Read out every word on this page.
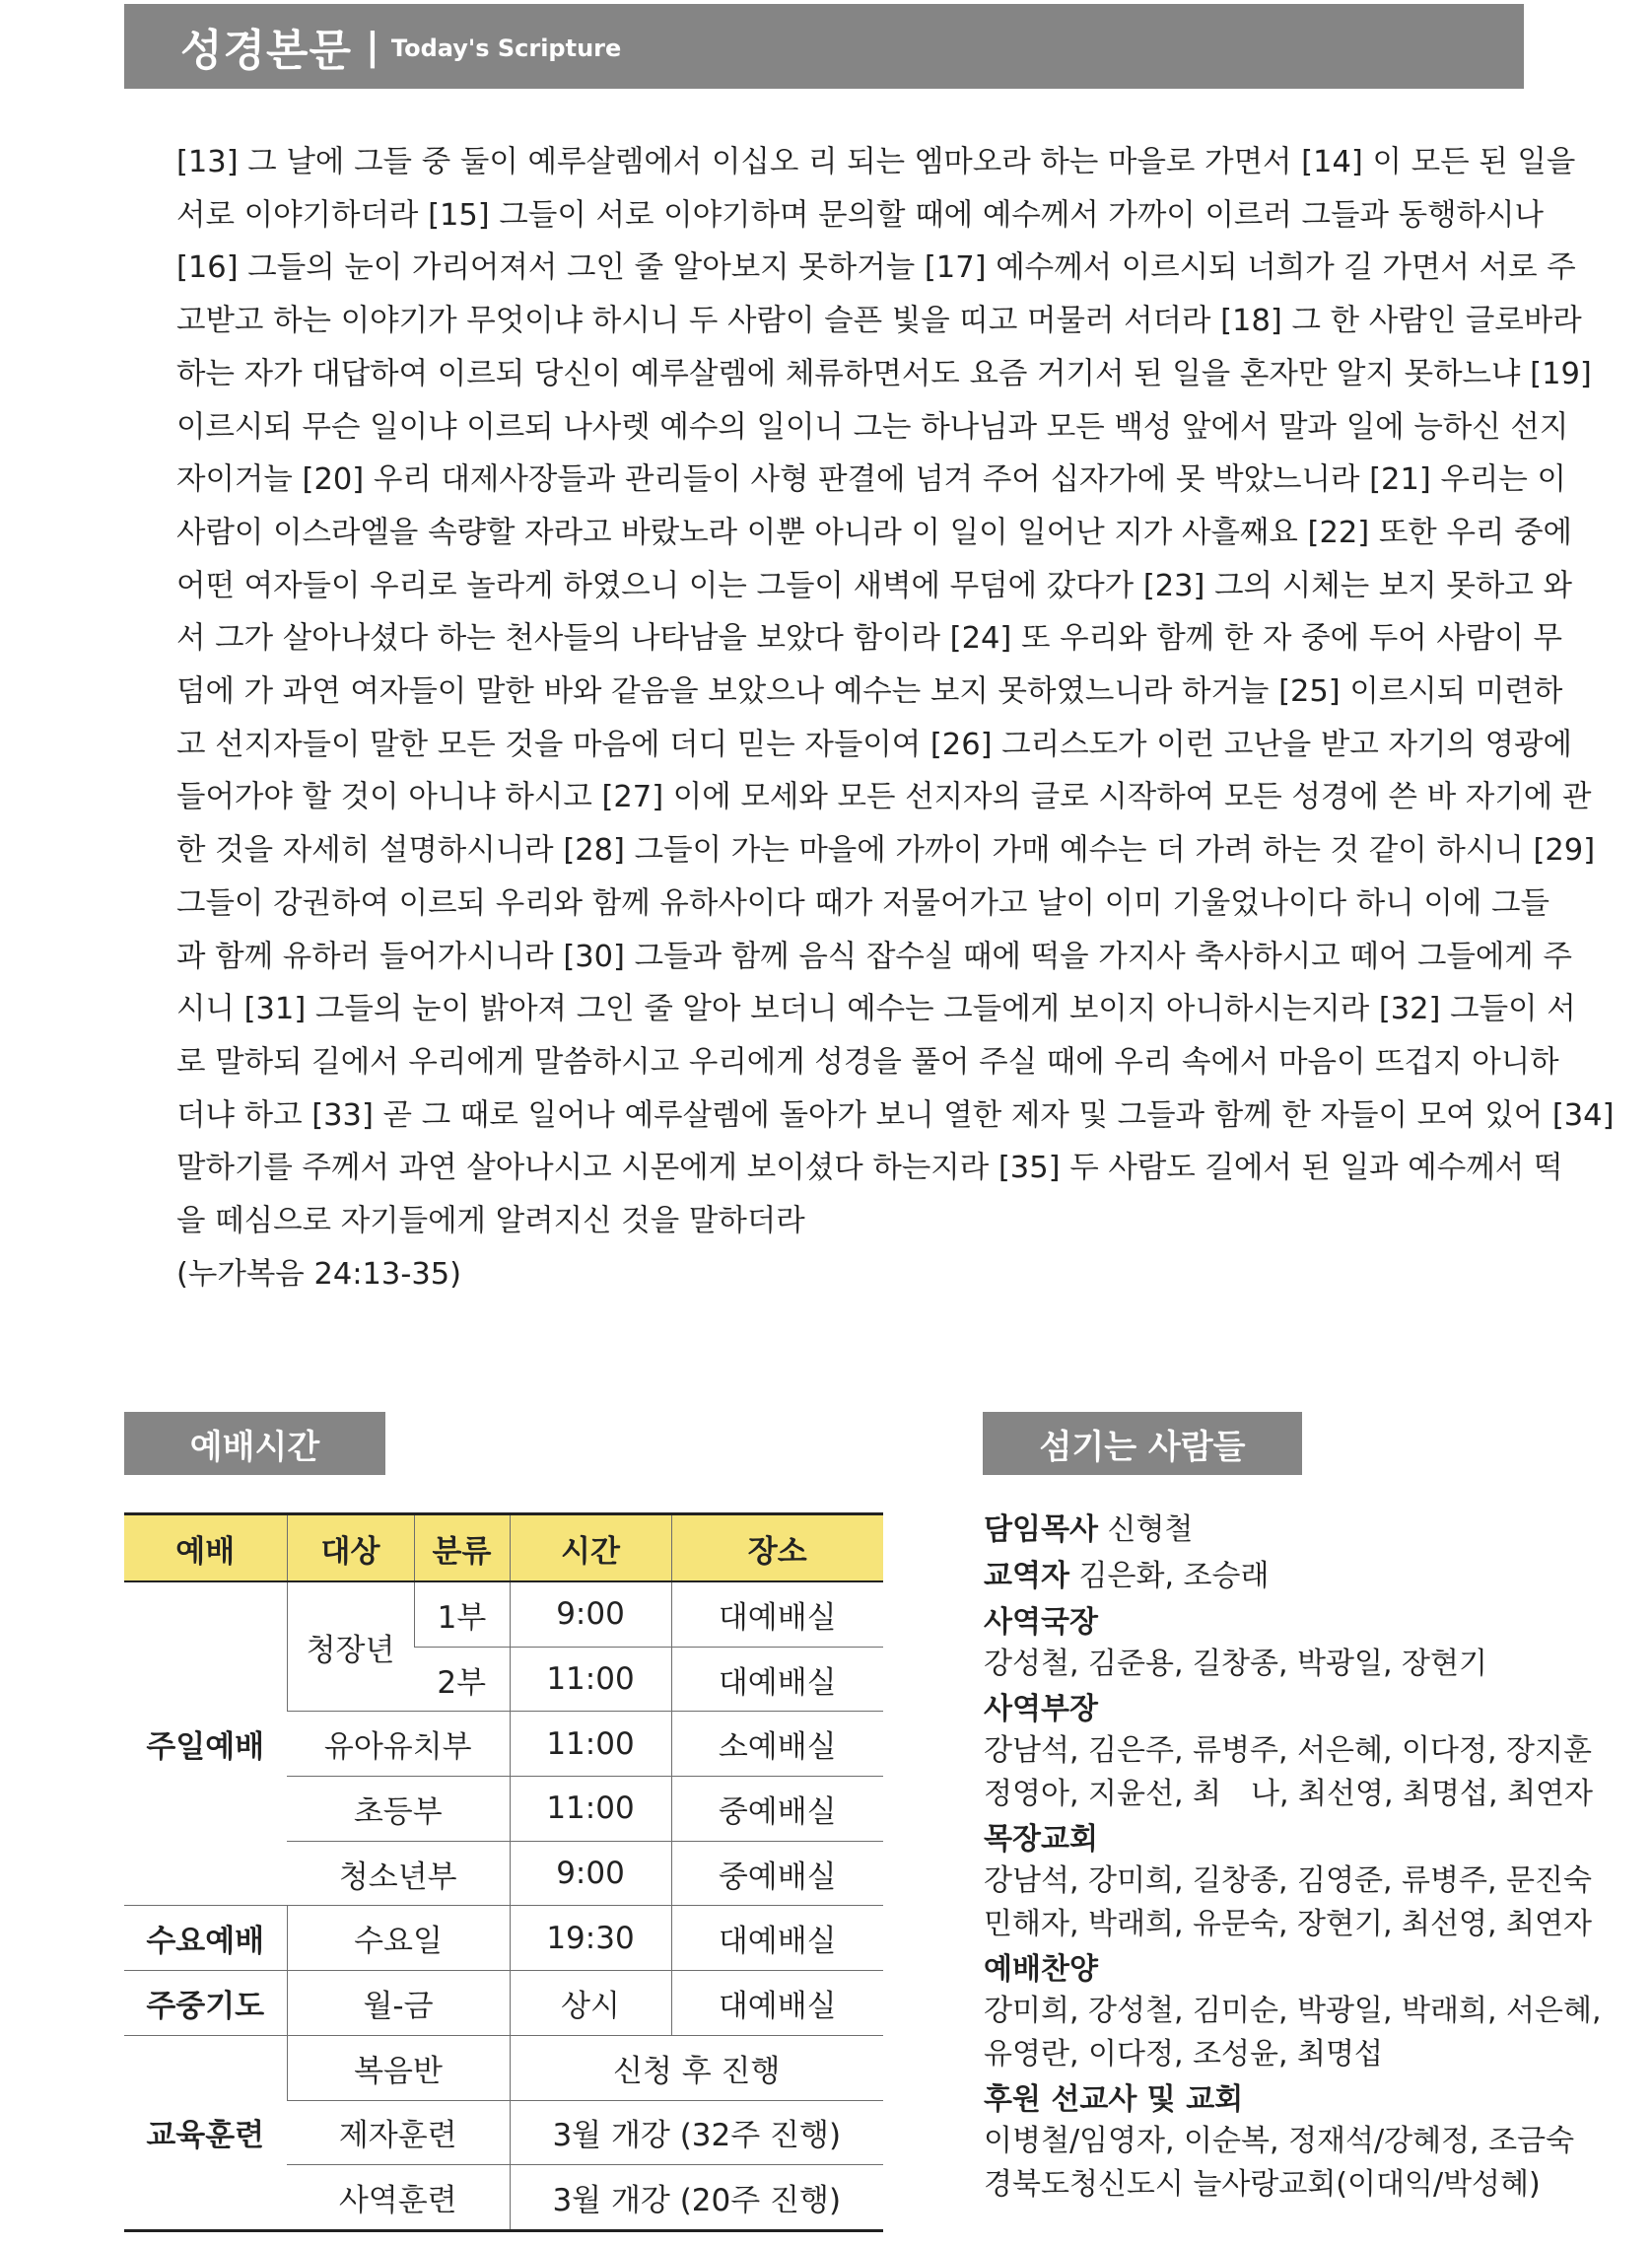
성경본문 | Today's Scripture
[13] 그 날에 그들 중 둘이 예루살렘에서 이십오 리 되는 엠마오라 하는 마을로 가면서 [14] 이 모든 된 일을
서로 이야기하더라 [15] 그들이 서로 이야기하며 문의할 때에 예수께서 가까이 이르러 그들과 동행하시나
[16] 그들의 눈이 가리어져서 그인 줄 알아보지 못하거늘 [17] 예수께서 이르시되 너희가 길 가면서 서로 주
고받고 하는 이야기가 무엇이냐 하시니 두 사람이 슬픈 빛을 띠고 머물러 서더라 [18] 그 한 사람인 글로바라
하는 자가 대답하여 이르되 당신이 예루살렘에 체류하면서도 요즘 거기서 된 일을 혼자만 알지 못하느냐 [19]
이르시되 무슨 일이냐 이르되 나사렛 예수의 일이니 그는 하나님과 모든 백성 앞에서 말과 일에 능하신 선지
자이거늘 [20] 우리 대제사장들과 관리들이 사형 판결에 넘겨 주어 십자가에 못 박았느니라 [21] 우리는 이
사람이 이스라엘을 속량할 자라고 바랐노라 이뿐 아니라 이 일이 일어난 지가 사흘째요 [22] 또한 우리 중에
어떤 여자들이 우리로 놀라게 하였으니 이는 그들이 새벽에 무덤에 갔다가 [23] 그의 시체는 보지 못하고 와
서 그가 살아나셨다 하는 천사들의 나타남을 보았다 함이라 [24] 또 우리와 함께 한 자 중에 두어 사람이 무
덤에 가 과연 여자들이 말한 바와 같음을 보았으나 예수는 보지 못하였느니라 하거늘 [25] 이르시되 미련하
고 선지자들이 말한 모든 것을 마음에 더디 믿는 자들이여 [26] 그리스도가 이런 고난을 받고 자기의 영광에
들어가야 할 것이 아니냐 하시고 [27] 이에 모세와 모든 선지자의 글로 시작하여 모든 성경에 쓴 바 자기에 관
한 것을 자세히 설명하시니라 [28] 그들이 가는 마을에 가까이 가매 예수는 더 가려 하는 것 같이 하시니 [29]
그들이 강권하여 이르되 우리와 함께 유하사이다 때가 저물어가고 날이 이미 기울었나이다 하니 이에 그들
과 함께 유하러 들어가시니라 [30] 그들과 함께 음식 잡수실 때에 떡을 가지사 축사하시고 떼어 그들에게 주
시니 [31] 그들의 눈이 밝아져 그인 줄 알아 보더니 예수는 그들에게 보이지 아니하시는지라 [32] 그들이 서
로 말하되 길에서 우리에게 말씀하시고 우리에게 성경을 풀어 주실 때에 우리 속에서 마음이 뜨겁지 아니하
더냐 하고 [33] 곧 그 때로 일어나 예루살렘에 돌아가 보니 열한 제자 및 그들과 함께 한 자들이 모여 있어 [34]
말하기를 주께서 과연 살아나시고 시몬에게 보이셨다 하는지라 [35] 두 사람도 길에서 된 일과 예수께서 떡
을 떼심으로 자기들에게 알려지신 것을 말하더라
(누가복음 24:13-35)
예배시간	섬기는 사람들
예배	대상	분류	시간	장소
주일예배	청장년	1부	9:00	대예배실
		2부	11:00	대예배실
	유아유치부		11:00	소예배실
	초등부		11:00	중예배실
	청소년부		9:00	중예배실
수요예배	수요일		19:30	대예배실
주중기도	월-금		상시	대예배실
교육훈련	복음반		신청 후 진행	
	제자훈련		3월 개강 (32주 진행)	
	사역훈련		3월 개강 (20주 진행)	
담임목사 신형철
교역자 김은화, 조승래
사역국장
강성철, 김준용, 길창종, 박광일, 장현기
사역부장
강남석, 김은주, 류병주, 서은혜, 이다정, 장지훈
정영아, 지윤선, 최　나, 최선영, 최명섭, 최연자
목장교회
강남석, 강미희, 길창종, 김영준, 류병주, 문진숙
민해자, 박래희, 유문숙, 장현기, 최선영, 최연자
예배찬양
강미희, 강성철, 김미순, 박광일, 박래희, 서은혜,
유영란, 이다정, 조성윤, 최명섭
후원 선교사 및 교회
이병철/임영자, 이순복, 정재석/강혜정, 조금숙
경북도청신도시 늘사랑교회(이대익/박성혜)
